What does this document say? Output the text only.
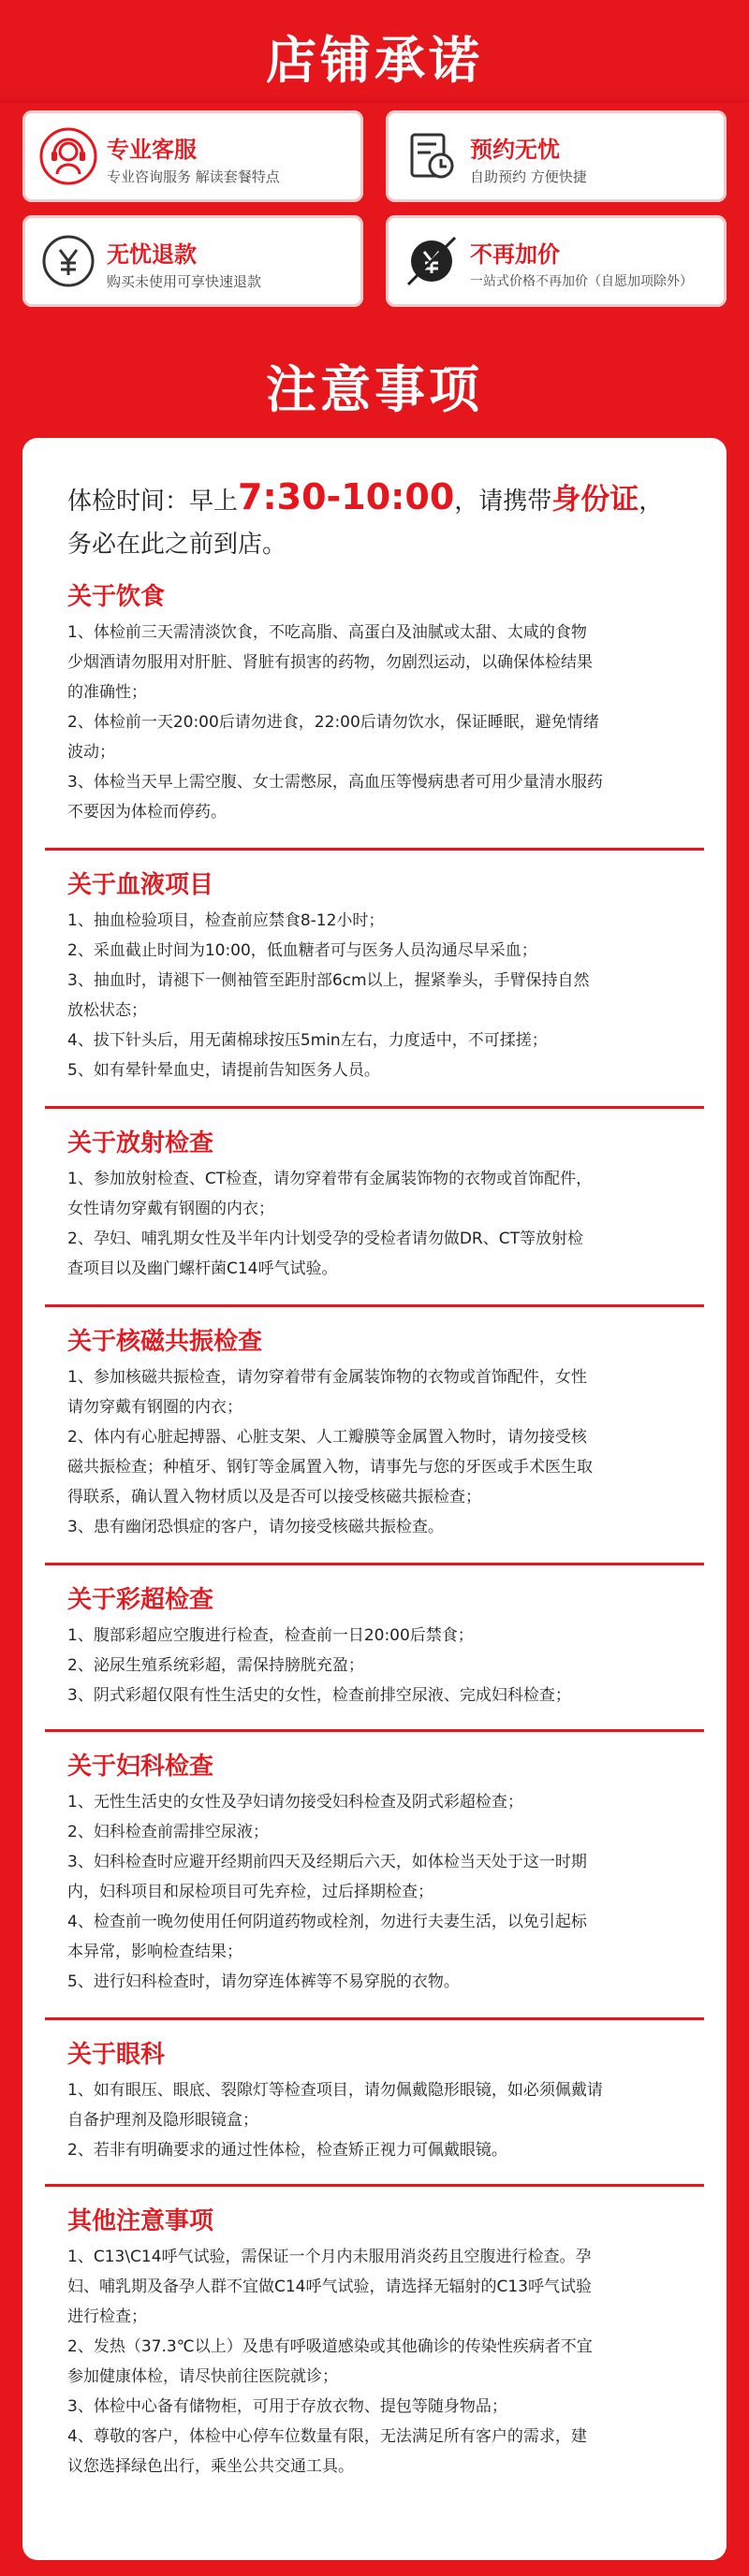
店铺承诺
专业客服
专业咨询服务 解读套餐特点
预约无忧
自助预约 方便快捷
无忧退款
购买未使用可享快速退款
不再加价
一站式价格不再加价（自愿加项除外）
注意事项
体检时间：早上7:30-10:00，请携带身份证，
务必在此之前到店。
关于饮食
1、体检前三天需清淡饮食，不吃高脂、高蛋白及油腻或太甜、太咸的食物
少烟酒请勿服用对肝脏、肾脏有损害的药物，勿剧烈运动，以确保体检结果
的准确性；
2、体检前一天20:00后请勿进食，22:00后请勿饮水，保证睡眠，避免情绪
波动；
3、体检当天早上需空腹、女士需憋尿，高血压等慢病患者可用少量清水服药
不要因为体检而停药。
关于血液项目
1、抽血检验项目，检查前应禁食8-12小时；
2、采血截止时间为10:00，低血糖者可与医务人员沟通尽早采血；
3、抽血时，请褪下一侧袖管至距肘部6cm以上，握紧拳头，手臂保持自然
放松状态；
4、拔下针头后，用无菌棉球按压5min左右，力度适中，不可揉搓；
5、如有晕针晕血史，请提前告知医务人员。
关于放射检查
1、参加放射检查、CT检查，请勿穿着带有金属装饰物的衣物或首饰配件，
女性请勿穿戴有钢圈的内衣；
2、孕妇、哺乳期女性及半年内计划受孕的受检者请勿做DR、CT等放射检
查项目以及幽门螺杆菌C14呼气试验。
关于核磁共振检查
1、参加核磁共振检查，请勿穿着带有金属装饰物的衣物或首饰配件，女性
请勿穿戴有钢圈的内衣；
2、体内有心脏起搏器、心脏支架、人工瓣膜等金属置入物时，请勿接受核
磁共振检查；种植牙、钢钉等金属置入物，请事先与您的牙医或手术医生取
得联系，确认置入物材质以及是否可以接受核磁共振检查；
3、患有幽闭恐惧症的客户，请勿接受核磁共振检查。
关于彩超检查
1、腹部彩超应空腹进行检查，检查前一日20:00后禁食；
2、泌尿生殖系统彩超，需保持膀胱充盈；
3、阴式彩超仅限有性生活史的女性，检查前排空尿液、完成妇科检查；
关于妇科检查
1、无性生活史的女性及孕妇请勿接受妇科检查及阴式彩超检查；
2、妇科检查前需排空尿液；
3、妇科检查时应避开经期前四天及经期后六天，如体检当天处于这一时期
内，妇科项目和尿检项目可先弃检，过后择期检查；
4、检查前一晚勿使用任何阴道药物或栓剂，勿进行夫妻生活，以免引起标
本异常，影响检查结果；
5、进行妇科检查时，请勿穿连体裤等不易穿脱的衣物。
关于眼科
1、如有眼压、眼底、裂隙灯等检查项目，请勿佩戴隐形眼镜，如必须佩戴请
自备护理剂及隐形眼镜盒；
2、若非有明确要求的通过性体检，检查矫正视力可佩戴眼镜。
其他注意事项
1、C13\C14呼气试验，需保证一个月内未服用消炎药且空腹进行检查。孕
妇、哺乳期及备孕人群不宜做C14呼气试验，请选择无辐射的C13呼气试验
进行检查；
2、发热（37.3℃以上）及患有呼吸道感染或其他确诊的传染性疾病者不宜
参加健康体检，请尽快前往医院就诊；
3、体检中心备有储物柜，可用于存放衣物、提包等随身物品；
4、尊敬的客户，体检中心停车位数量有限，无法满足所有客户的需求，建
议您选择绿色出行，乘坐公共交通工具。
